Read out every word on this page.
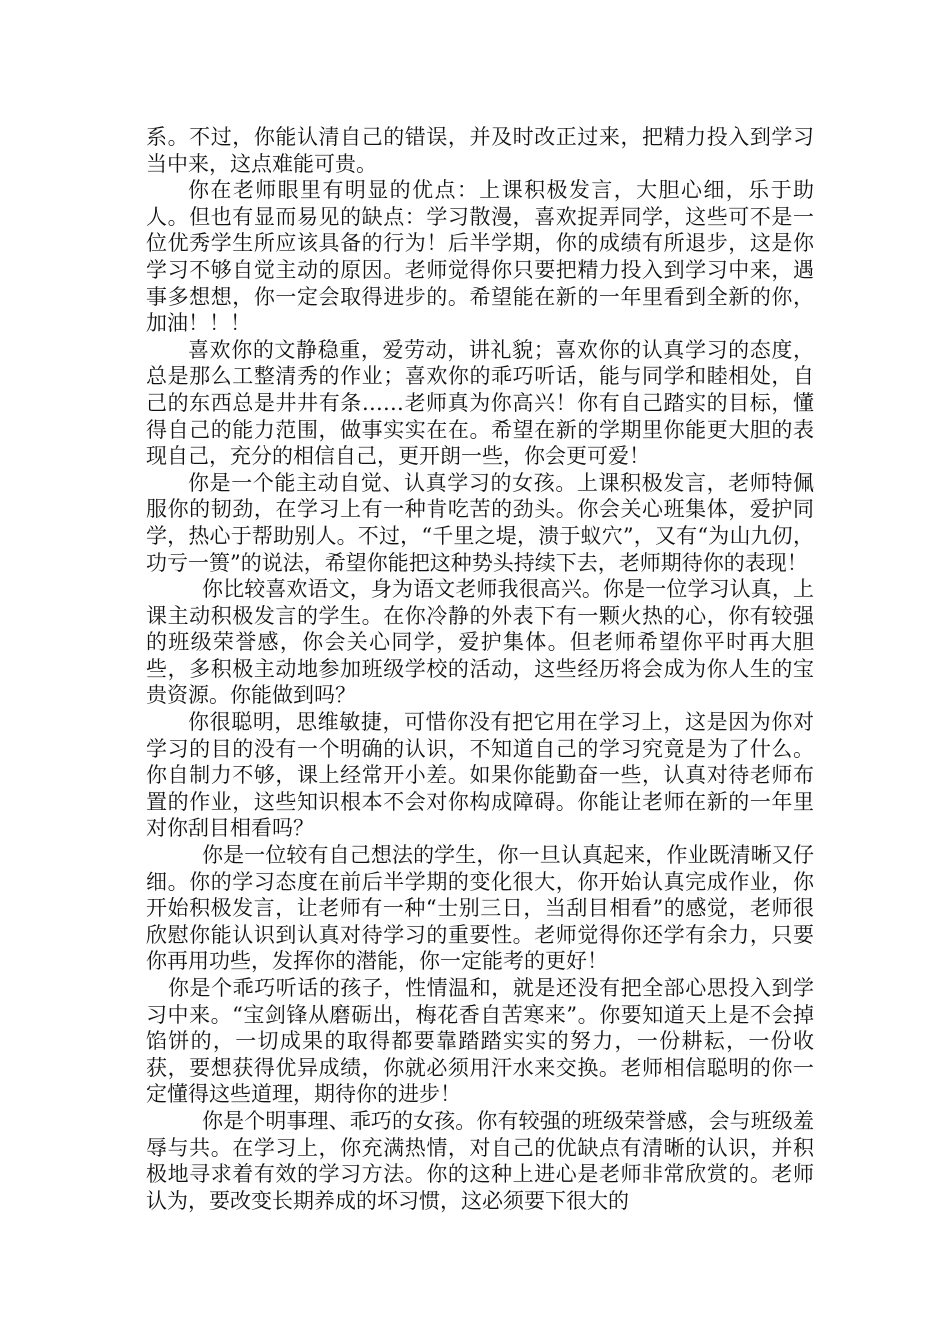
系。不过，你能认清自己的错误，并及时改正过来，把精力投入到学习当中来，这点难能可贵。

你在老师眼里有明显的优点：上课积极发言，大胆心细，乐于助人。但也有显而易见的缺点：学习散漫，喜欢捉弄同学，这些可不是一位优秀学生所应该具备的行为！后半学期，你的成绩有所退步，这是你学习不够自觉主动的原因。老师觉得你只要把精力投入到学习中来，遇事多想想，你一定会取得进步的。希望能在新的一年里看到全新的你，加油！！！

喜欢你的文静稳重，爱劳动，讲礼貌；喜欢你的认真学习的态度，总是那么工整清秀的作业；喜欢你的乖巧听话，能与同学和睦相处，自己的东西总是井井有条……老师真为你高兴！你有自己踏实的目标，懂得自己的能力范围，做事实实在在。希望在新的学期里你能更大胆的表现自己，充分的相信自己，更开朗一些，你会更可爱！

你是一个能主动自觉、认真学习的女孩。上课积极发言，老师特佩服你的韧劲，在学习上有一种肯吃苦的劲头。你会关心班集体，爱护同学，热心于帮助别人。不过，“千里之堤，溃于蚁穴”，又有“为山九仞，功亏一篑”的说法，希望你能把这种势头持续下去，老师期待你的表现！

你比较喜欢语文，身为语文老师我很高兴。你是一位学习认真，上课主动积极发言的学生。在你冷静的外表下有一颗火热的心，你有较强的班级荣誉感，你会关心同学，爱护集体。但老师希望你平时再大胆些，多积极主动地参加班级学校的活动，这些经历将会成为你人生的宝贵资源。你能做到吗？

你很聪明，思维敏捷，可惜你没有把它用在学习上，这是因为你对学习的目的没有一个明确的认识，不知道自己的学习究竟是为了什么。你自制力不够，课上经常开小差。如果你能勤奋一些，认真对待老师布置的作业，这些知识根本不会对你构成障碍。你能让老师在新的一年里对你刮目相看吗？

你是一位较有自己想法的学生，你一旦认真起来，作业既清晰又仔细。你的学习态度在前后半学期的变化很大，你开始认真完成作业，你开始积极发言，让老师有一种“士别三日，当刮目相看”的感觉，老师很欣慰你能认识到认真对待学习的重要性。老师觉得你还学有余力，只要你再用功些，发挥你的潜能，你一定能考的更好！

你是个乖巧听话的孩子，性情温和，就是还没有把全部心思投入到学习中来。“宝剑锋从磨砺出，梅花香自苦寒来”。你要知道天上是不会掉馅饼的，一切成果的取得都要靠踏踏实实的努力，一份耕耘，一份收获，要想获得优异成绩，你就必须用汗水来交换。老师相信聪明的你一定懂得这些道理，期待你的进步！

你是个明事理、乖巧的女孩。你有较强的班级荣誉感，会与班级羞辱与共。在学习上，你充满热情，对自己的优缺点有清晰的认识，并积极地寻求着有效的学习方法。你的这种上进心是老师非常欣赏的。老师认为，要改变长期养成的坏习惯，这必须要下很大的
